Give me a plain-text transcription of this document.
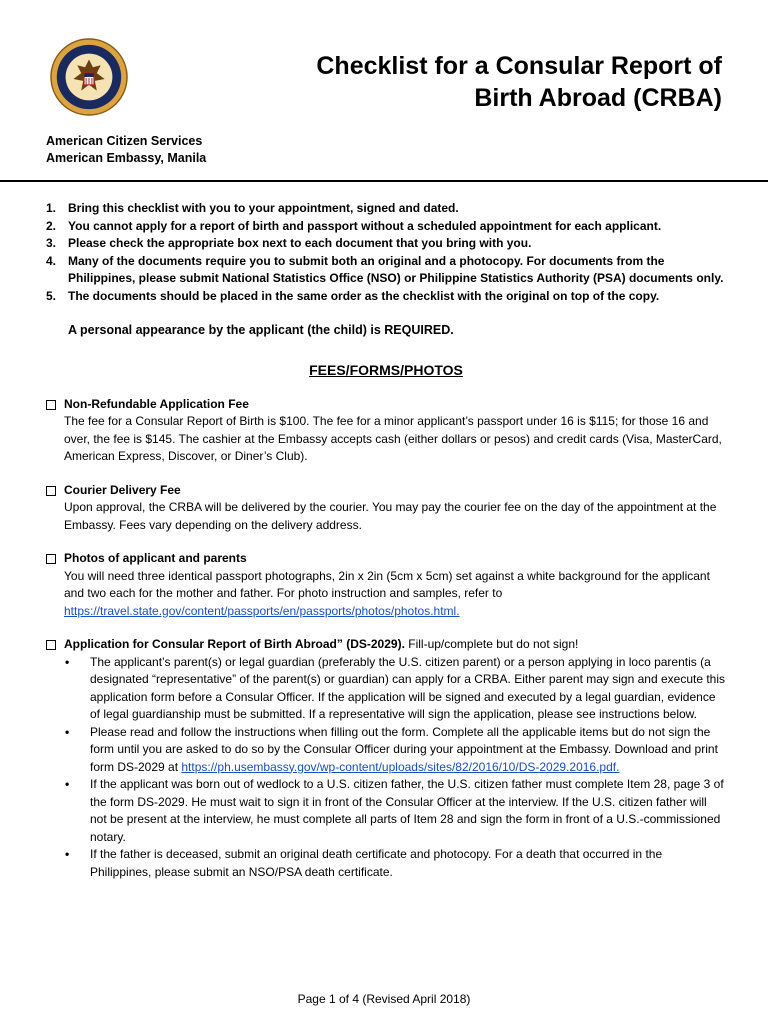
Checklist for a Consular Report of
Birth Abroad (CRBA)
American Citizen Services
American Embassy, Manila
1. Bring this checklist with you to your appointment, signed and dated.
2. You cannot apply for a report of birth and passport without a scheduled appointment for each applicant.
3. Please check the appropriate box next to each document that you bring with you.
4. Many of the documents require you to submit both an original and a photocopy. For documents from the Philippines, please submit National Statistics Office (NSO) or Philippine Statistics Authority (PSA) documents only.
5. The documents should be placed in the same order as the checklist with the original on top of the copy.
A personal appearance by the applicant (the child) is REQUIRED.
FEES/FORMS/PHOTOS
Non-Refundable Application Fee
The fee for a Consular Report of Birth is $100. The fee for a minor applicant’s passport under 16 is $115; for those 16 and over, the fee is $145. The cashier at the Embassy accepts cash (either dollars or pesos) and credit cards (Visa, MasterCard, American Express, Discover, or Diner’s Club).
Courier Delivery Fee
Upon approval, the CRBA will be delivered by the courier. You may pay the courier fee on the day of the appointment at the Embassy. Fees vary depending on the delivery address.
Photos of applicant and parents
You will need three identical passport photographs, 2in x 2in (5cm x 5cm) set against a white background for the applicant and two each for the mother and father. For photo instruction and samples, refer to
https://travel.state.gov/content/passports/en/passports/photos/photos.html.
Application for Consular Report of Birth Abroad” (DS-2029). Fill-up/complete but do not sign!
• The applicant’s parent(s) or legal guardian (preferably the U.S. citizen parent) or a person applying in loco parentis (a designated “representative” of the parent(s) or guardian) can apply for a CRBA. Either parent may sign and execute this application form before a Consular Officer. If the application will be signed and executed by a legal guardian, evidence of legal guardianship must be submitted. If a representative will sign the application, please see instructions below.
• Please read and follow the instructions when filling out the form. Complete all the applicable items but do not sign the form until you are asked to do so by the Consular Officer during your appointment at the Embassy. Download and print form DS-2029 at https://ph.usembassy.gov/wp-content/uploads/sites/82/2016/10/DS-2029.2016.pdf.
• If the applicant was born out of wedlock to a U.S. citizen father, the U.S. citizen father must complete Item 28, page 3 of the form DS-2029. He must wait to sign it in front of the Consular Officer at the interview. If the U.S. citizen father will not be present at the interview, he must complete all parts of Item 28 and sign the form in front of a U.S.-commissioned notary.
• If the father is deceased, submit an original death certificate and photocopy. For a death that occurred in the Philippines, please submit an NSO/PSA death certificate.
Page 1 of 4 (Revised April 2018)
